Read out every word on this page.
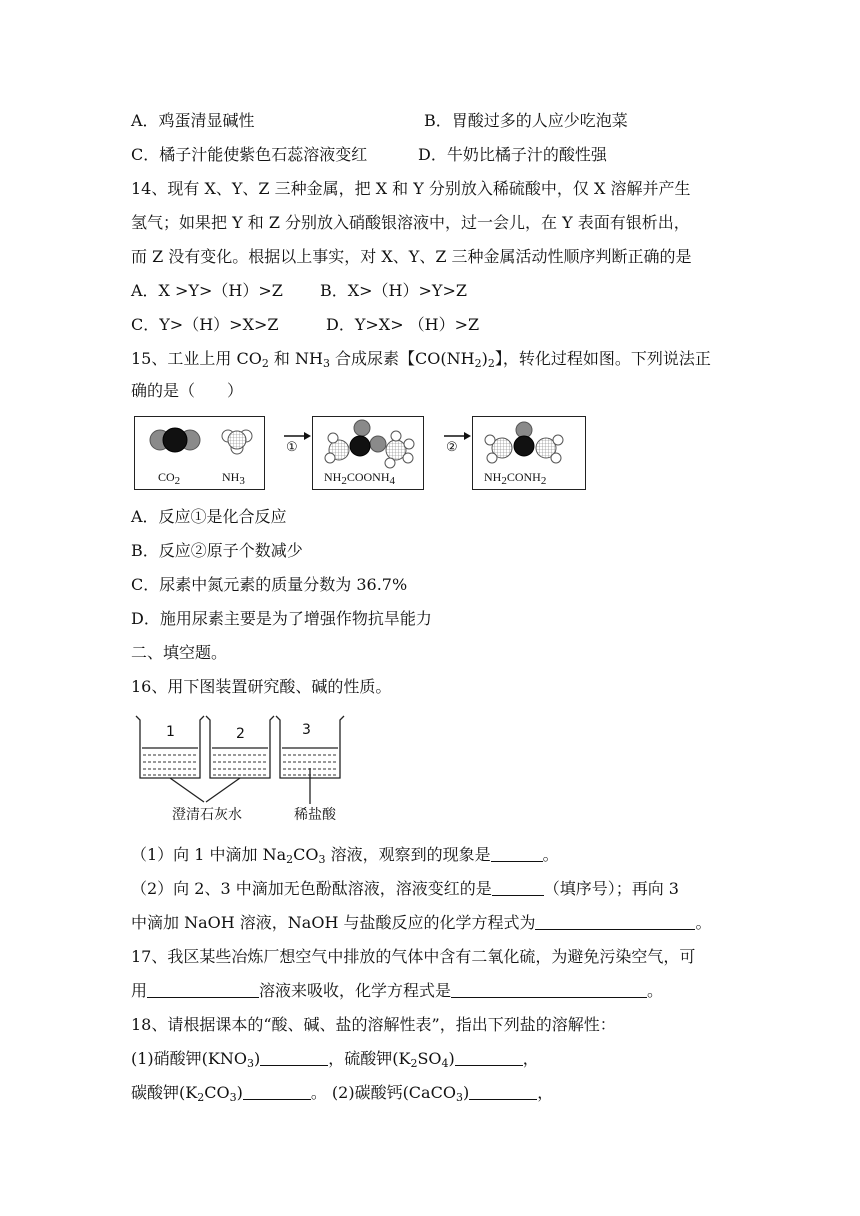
A．鸡蛋清显碱性	B．胃酸过多的人应少吃泡菜
C．橘子汁能使紫色石蕊溶液变红	D．牛奶比橘子汁的酸性强
14、现有 X、Y、Z 三种金属，把 X 和 Y 分别放入稀硫酸中，仅 X 溶解并产生
氢气；如果把 Y 和 Z 分别放入硝酸银溶液中，过一会儿，在 Y 表面有银析出，
而 Z 没有变化。根据以上事实，对 X、Y、Z 三种金属活动性顺序判断正确的是
A．X >Y>（H）>Z B．X>（H）>Y>Z
C．Y>（H）>X>Z	D．Y>X> （H）>Z
15、工业上用 $CO_2$ 和 $NH_3$ 合成尿素【$CO(NH_2)_2$】，转化过程如图。下列说法正
确的是（　　）
CO2	NH3
①
NH2COONH4
②
NH2CONH2
A．反应①是化合反应
B．反应②原子个数减少
C．尿素中氮元素的质量分数为 36.7%
D．施用尿素主要是为了增强作物抗旱能力
二、填空题。
16、用下图装置研究酸、碱的性质。
1	2	3
澄清石灰水	稀盐酸
（1）向 1 中滴加 $Na_2CO_3$ 溶液，观察到的现象是	。
（2）向 2、3 中滴加无色酚酞溶液，溶液变红的是	（填序号）；再向 3
中滴加 NaOH 溶液，NaOH 与盐酸反应的化学方程式为	。
17、我区某些冶炼厂想空气中排放的气体中含有二氧化硫，为避免污染空气，可
用	溶液来吸收，化学方程式是	。
18、请根据课本的“酸、碱、盐的溶解性表”，指出下列盐的溶解性：
(1)硝酸钾$(KNO_3)$	，硫酸钾$(K_2SO_4)$	，
碳酸钾$(K_2CO_3)$	。 (2)碳酸钙(CaCO$_3$)	，
